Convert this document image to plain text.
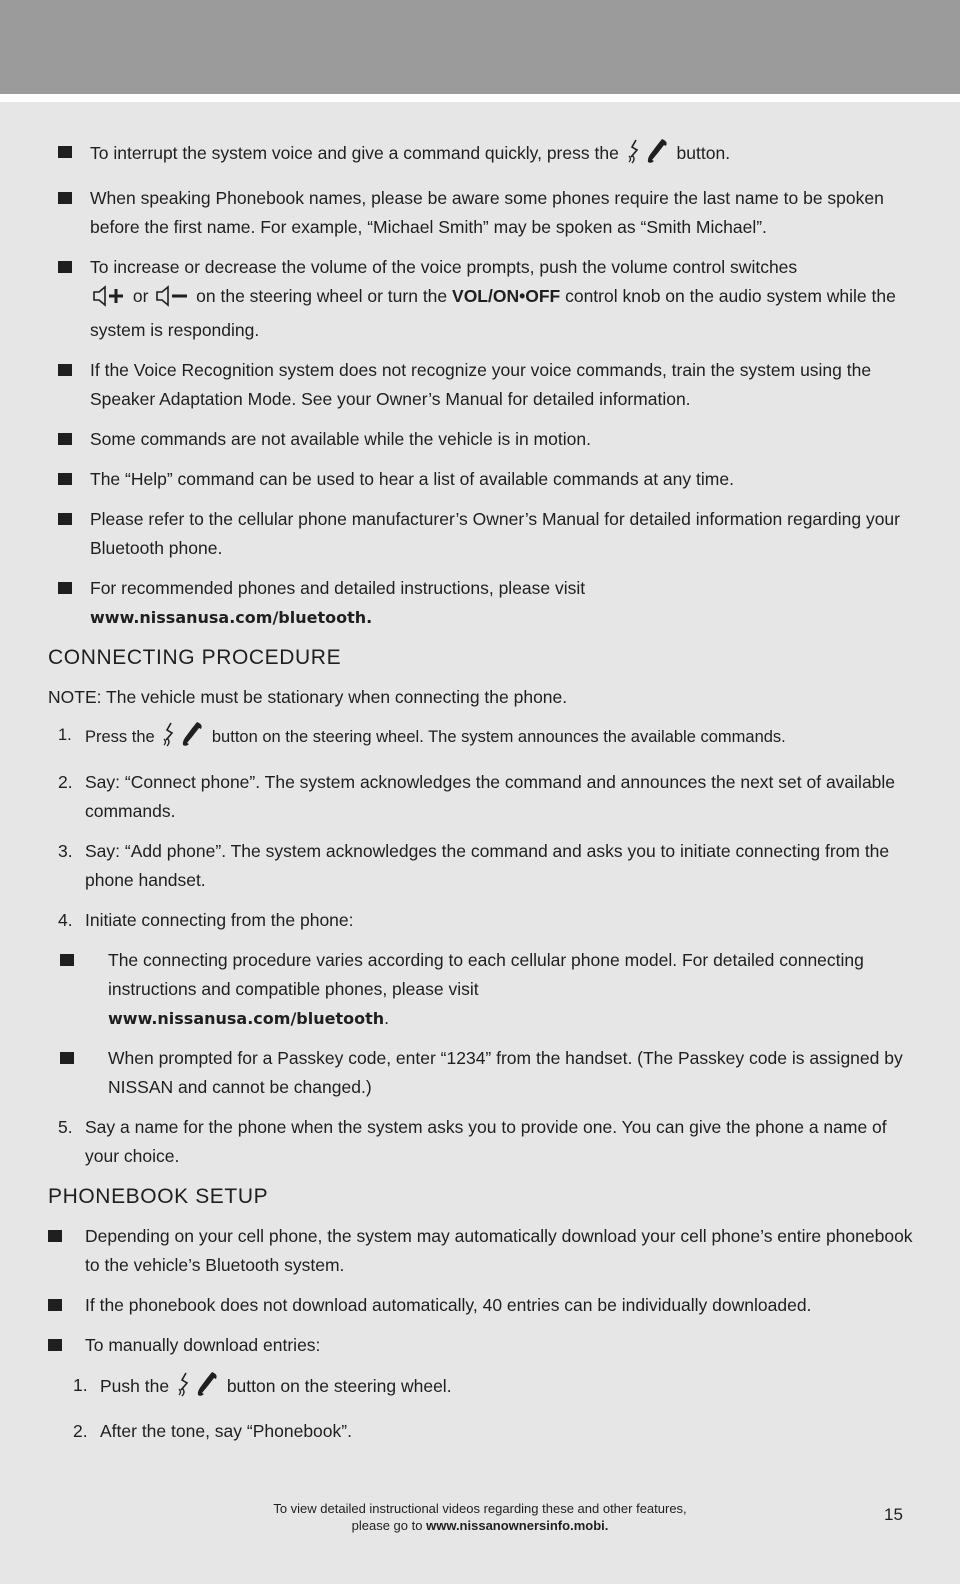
To interrupt the system voice and give a command quickly, press the	button.
When speaking Phonebook names, please be aware some phones require the last name to be spoken before the first name. For example, “Michael Smith” may be spoken as “Smith Michael”.
To increase or decrease the volume of the voice prompts, push the volume control switches
or  on the steering wheel or turn the VOL/ON•OFF control knob on the audio system while the system is responding.
If the Voice Recognition system does not recognize your voice commands, train the system using the Speaker Adaptation Mode. See your Owner’s Manual for detailed information.
Some commands are not available while the vehicle is in motion.
The “Help” command can be used to hear a list of available commands at any time.
Please refer to the cellular phone manufacturer’s Owner’s Manual for detailed information regarding your Bluetooth phone.
For recommended phones and detailed instructions, please visit
www.nissanusa.com/bluetooth.
CONNECTING PROCEDURE
NOTE: The vehicle must be stationary when connecting the phone.
1. Press the	button on the steering wheel. The system announces the available commands.
2. Say: “Connect phone”. The system acknowledges the command and announces the next set of available commands.
3. Say: “Add phone”. The system acknowledges the command and asks you to initiate connecting from the phone handset.
4. Initiate connecting from the phone:
The connecting procedure varies according to each cellular phone model. For detailed connecting instructions and compatible phones, please visit
www.nissanusa.com/bluetooth.
When prompted for a Passkey code, enter “1234” from the handset. (The Passkey code is assigned by NISSAN and cannot be changed.)
5. Say a name for the phone when the system asks you to provide one. You can give the phone a name of your choice.
PHONEBOOK SETUP
Depending on your cell phone, the system may automatically download your cell phone’s entire phonebook to the vehicle’s Bluetooth system.
If the phonebook does not download automatically, 40 entries can be individually downloaded.
To manually download entries:
1. Push the	button on the steering wheel.
2. After the tone, say “Phonebook”.
To view detailed instructional videos regarding these and other features,
please go to www.nissanownersinfo.mobi.
15
